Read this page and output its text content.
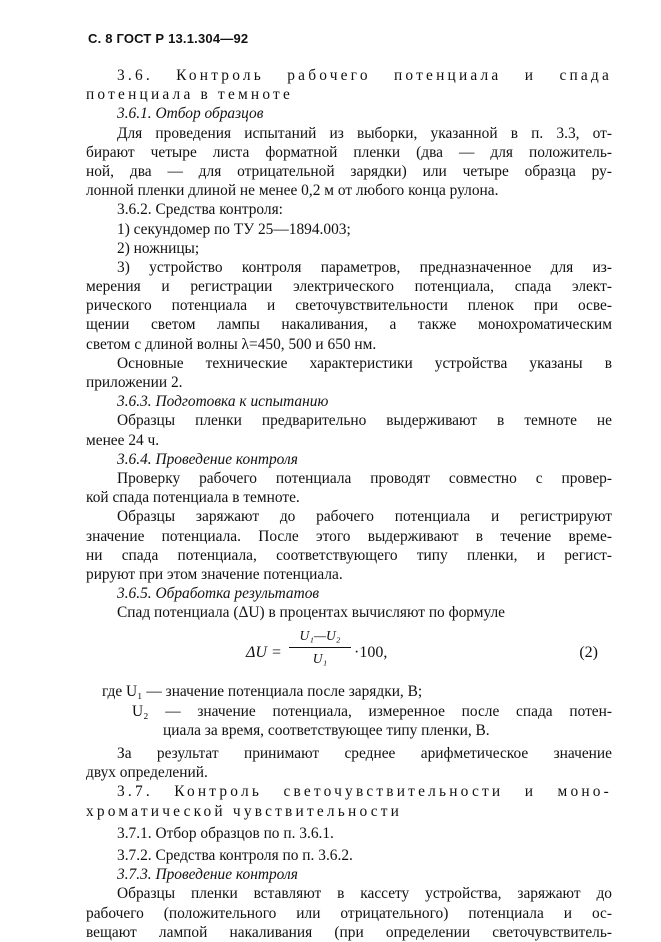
С. 8 ГОСТ Р 13.1.304—92
3.6. Контроль рабочего потенциала и спада
потенциала в темноте
3.6.1. Отбор образцов
Для проведения испытаний из выборки, указанной в п. 3.3, от-
бирают четыре листа форматной пленки (два — для положитель-
ной, два — для отрицательной зарядки) или четыре образца ру-
лонной пленки длиной не менее 0,2 м от любого конца рулона.
3.6.2. Средства контроля:
1) секундомер по ТУ 25—1894.003;
2) ножницы;
3) устройство контроля параметров, предназначенное для из-
мерения и регистрации электрического потенциала, спада элект-
рического потенциала и светочувствительности пленок при осве-
щении светом лампы накаливания, а также монохроматическим
светом с длиной волны λ=450, 500 и 650 нм.
Основные технические характеристики устройства указаны в
приложении 2.
3.6.3. Подготовка к испытанию
Образцы пленки предварительно выдерживают в темноте не
менее 24 ч.
3.6.4. Проведение контроля
Проверку рабочего потенциала проводят совместно с провер-
кой спада потенциала в темноте.
Образцы заряжают до рабочего потенциала и регистрируют
значение потенциала. После этого выдерживают в течение време-
ни спада потенциала, соответствующего типу пленки, и регист-
рируют при этом значение потенциала.
3.6.5. Обработка результатов
Спад потенциала (ΔU) в процентах вычисляют по формуле
$\Delta U = \frac{\text{U₁—U₂}}{\text{U₁}} \cdot 100$,	(2)
где U₁ — значение потенциала после зарядки, В;
U₂ — значение потенциала, измеренное после спада потен-
циала за время, соответствующее типу пленки, В.
За результат принимают среднее арифметическое значение
двух определений.
3.7. Контроль светочувствительности и моно-
хроматической чувствительности
3.7.1. Отбор образцов по п. 3.6.1.
3.7.2. Средства контроля по п. 3.6.2.
3.7.3. Проведение контроля
Образцы пленки вставляют в кассету устройства, заряжают до
рабочего (положительного или отрицательного) потенциала и ос-
вещают лампой накаливания (при определении светочувствитель-
